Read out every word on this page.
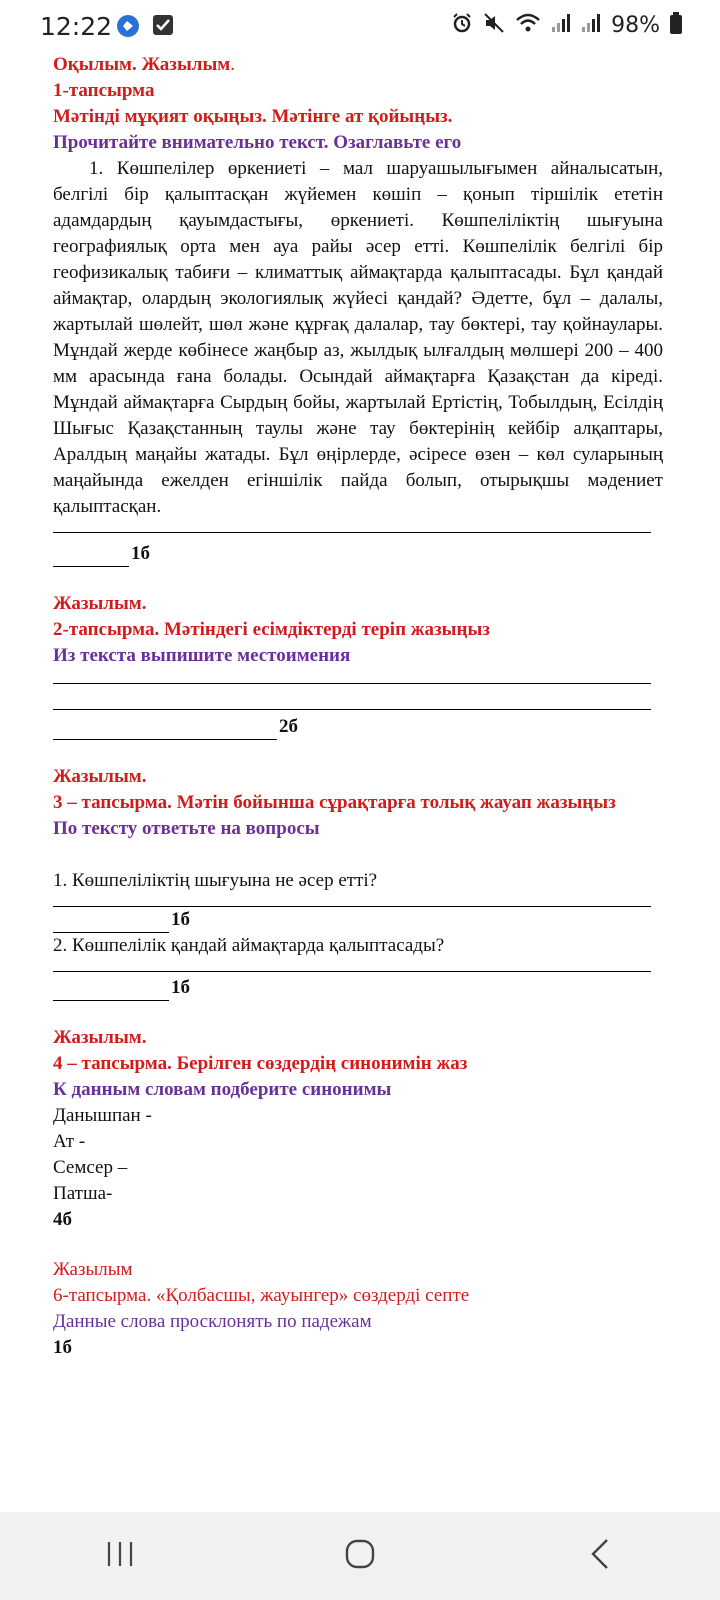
12:22	98%
Оқылым. Жазылым.
1-тапсырма
Мәтінді мұқият оқыңыз. Мәтінге ат қойыңыз.
Прочитайте внимательно текст. Озаглавьте его
1. Көшпелілер өркениеті – мал шаруашылығымен айналысатын, белгілі бір қалыптасқан жүйемен көшіп – қонып тіршілік ететін адамдардың қауымдастығы, өркениеті. Көшпеліліктің шығуына географиялық орта мен ауа райы әсер етті. Көшпелілік белгілі бір геофизикалық табиғи – климаттық аймақтарда қалыптасады. Бұл қандай аймақтар, олардың экологиялық жүйесі қандай? Әдетте, бұл – далалы, жартылай шөлейт, шөл және құрғақ далалар, тау бөктері, тау қойнаулары. Мұндай жерде көбінесе жаңбыр аз, жылдық ылғалдың мөлшері 200 – 400 мм арасында ғана болады. Осындай аймақтарға Қазақстан да кіреді. Мұндай аймақтарға Сырдың бойы, жартылай Ертістің, Тобылдың, Есілдің Шығыс Қазақстанның таулы және тау бөктерінің кейбір алқаптары, Аралдың маңайы жатады. Бұл өңірлерде, әсіресе өзен – көл суларының маңайында ежелден егіншілік пайда болып, отырықшы мәдениет қалыптасқан.
1б
Жазылым.
2-тапсырма. Мәтіндегі есімдіктерді теріп жазыңыз
Из текста выпишите местоимения
2б
Жазылым.
3 – тапсырма. Мәтін бойынша сұрақтарға толық жауап жазыңыз
По тексту ответьте на вопросы
1. Көшпеліліктің шығуына не әсер етті?
1б
2. Көшпелілік қандай аймақтарда қалыптасады?
1б
Жазылым.
4 – тапсырма. Берілген сөздердің синонимін жаз
К данным словам подберите синонимы
Данышпан -
Ат -
Семсер –
Патша-
4б
Жазылым
6-тапсырма. «Қолбасшы, жауынгер» сөздерді септе
Данные слова просклонять по падежам
1б
